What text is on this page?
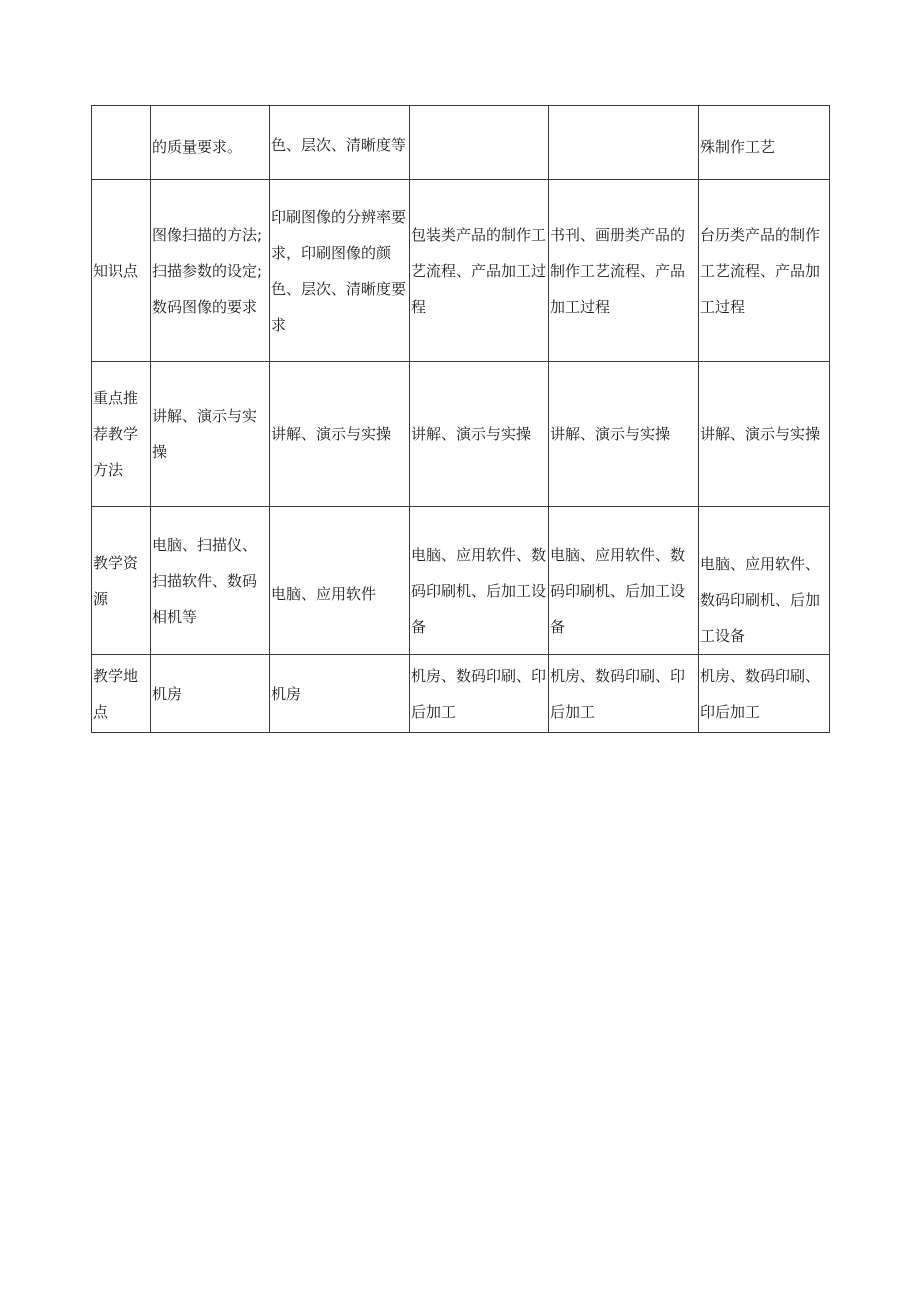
	的质量要求。	色、层次、清晰度等			殊制作工艺

知识点	图像扫描的方法;扫描参数的设定;数码图像的要求	印刷图像的分辨率要求，印刷图像的颜色、层次、清晰度要求	包装类产品的制作工艺流程、产品加工过程	书刊、画册类产品的制作工艺流程、产品加工过程	台历类产品的制作工艺流程、产品加工过程

重点推荐教学方法	讲解、演示与实操	讲解、演示与实操	讲解、演示与实操	讲解、演示与实操	讲解、演示与实操

教学资源	电脑、扫描仪、扫描软件、数码相机等	电脑、应用软件	电脑、应用软件、数码印刷机、后加工设备	电脑、应用软件、数码印刷机、后加工设备	电脑、应用软件、数码印刷机、后加工设备

教学地点	机房	机房	机房、数码印刷、印后加工	机房、数码印刷、印后加工	机房、数码印刷、印后加工
